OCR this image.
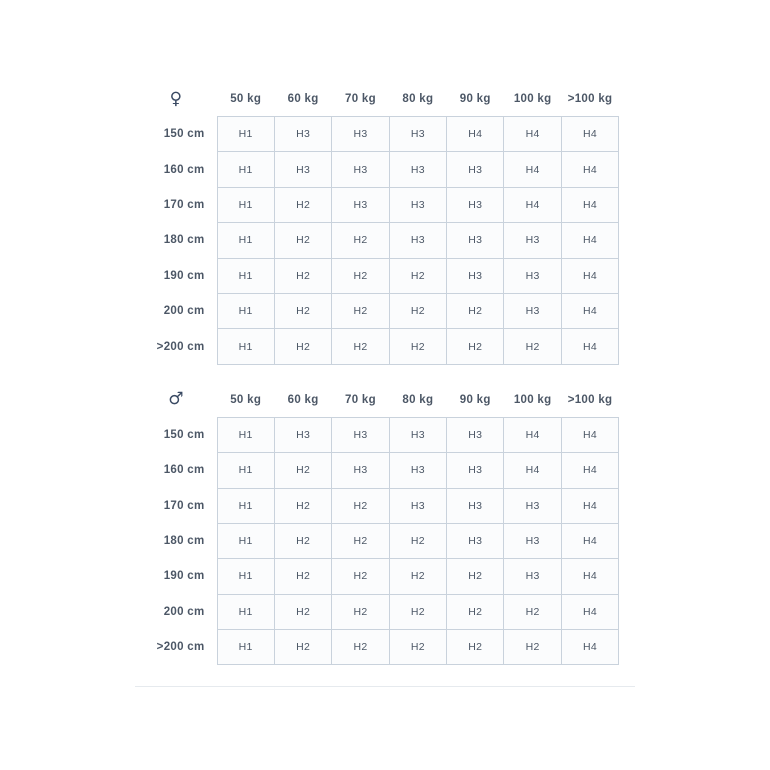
♀	50 kg	60 kg	70 kg	80 kg	90 kg	100 kg	>100 kg
150 cm	H1	H3	H3	H3	H4	H4	H4
160 cm	H1	H3	H3	H3	H3	H4	H4
170 cm	H1	H2	H3	H3	H3	H4	H4
180 cm	H1	H2	H2	H3	H3	H3	H4
190 cm	H1	H2	H2	H2	H3	H3	H4
200 cm	H1	H2	H2	H2	H2	H3	H4
>200 cm	H1	H2	H2	H2	H2	H2	H4
♂	50 kg	60 kg	70 kg	80 kg	90 kg	100 kg	>100 kg
150 cm	H1	H3	H3	H3	H3	H4	H4
160 cm	H1	H2	H3	H3	H3	H4	H4
170 cm	H1	H2	H2	H3	H3	H3	H4
180 cm	H1	H2	H2	H2	H3	H3	H4
190 cm	H1	H2	H2	H2	H2	H3	H4
200 cm	H1	H2	H2	H2	H2	H2	H4
>200 cm	H1	H2	H2	H2	H2	H2	H4
